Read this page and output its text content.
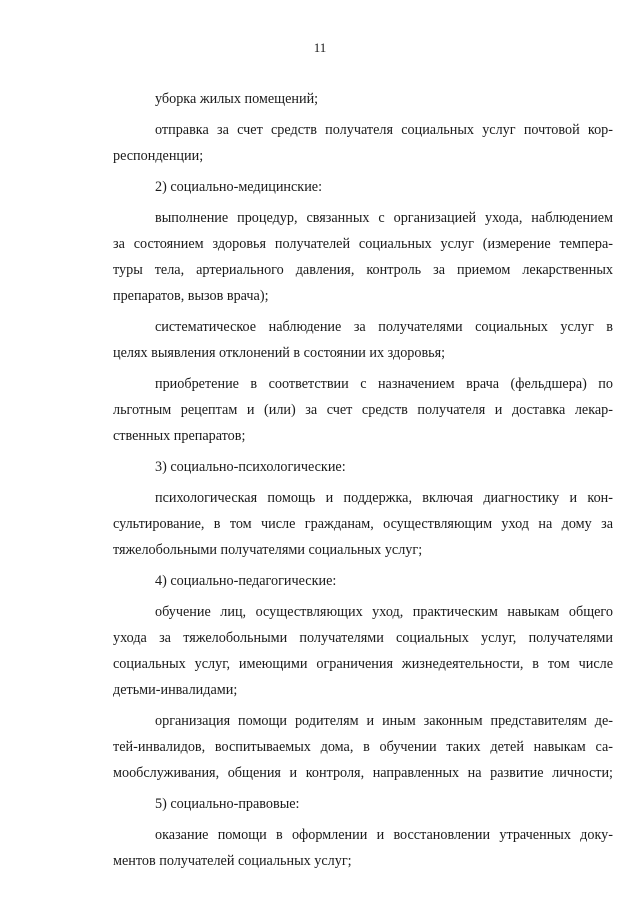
11
уборка жилых помещений;
отправка за счет средств получателя социальных услуг почтовой кор-
респонденции;
2) социально-медицинские:
выполнение процедур, связанных с организацией ухода, наблюдением
за состоянием здоровья получателей социальных услуг (измерение темпера-
туры тела, артериального давления, контроль за приемом лекарственных
препаратов, вызов врача);
систематическое наблюдение за получателями социальных услуг в
целях выявления отклонений в состоянии их здоровья;
приобретение в соответствии с назначением врача (фельдшера) по
льготным рецептам и (или) за счет средств получателя и доставка лекар-
ственных препаратов;
3) социально-психологические:
психологическая помощь и поддержка, включая диагностику и кон-
сультирование, в том числе гражданам, осуществляющим уход на дому за
тяжелобольными получателями социальных услуг;
4) социально-педагогические:
обучение лиц, осуществляющих уход, практическим навыкам общего
ухода за тяжелобольными получателями социальных услуг, получателями
социальных услуг, имеющими ограничения жизнедеятельности, в том числе
детьми-инвалидами;
организация помощи родителям и иным законным представителям де-
тей-инвалидов, воспитываемых дома, в обучении таких детей навыкам са-
мообслуживания, общения и контроля, направленных на развитие личности;
5) социально-правовые:
оказание помощи в оформлении и восстановлении утраченных доку-
ментов получателей социальных услуг;
